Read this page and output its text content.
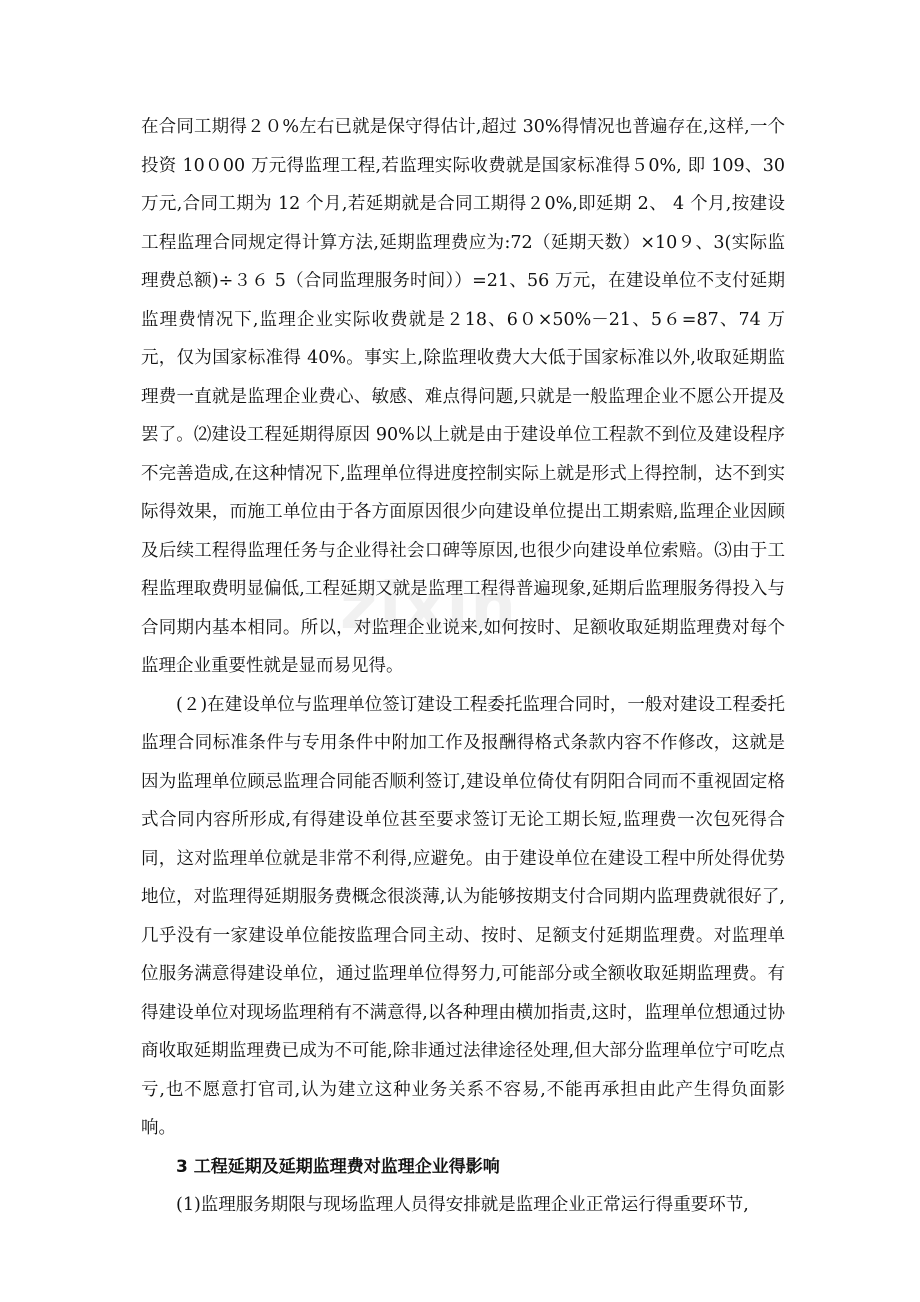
在合同工期得２０%左右已就是保守得估计,超过 30%得情况也普遍存在,这样,一个投资 10０00 万元得监理工程,若监理实际收费就是国家标准得５0%, 即 109、30 万元,合同工期为 12 个月,若延期就是合同工期得２0%,即延期 2、 4 个月,按建设工程监理合同规定得计算方法,延期监理费应为:72（延期天数）×10９、3(实际监理费总额)÷３６ 5（合同监理服务时间））=21、56 万元，在建设单位不支付延期监理费情况下,监理企业实际收费就是２18、6０×50%－21、5６=87、74 万元，仅为国家标准得 40%。事实上,除监理收费大大低于国家标准以外,收取延期监理费一直就是监理企业费心、敏感、难点得问题,只就是一般监理企业不愿公开提及罢了。⑵建设工程延期得原因 90%以上就是由于建设单位工程款不到位及建设程序不完善造成,在这种情况下,监理单位得进度控制实际上就是形式上得控制，达不到实际得效果，而施工单位由于各方面原因很少向建设单位提出工期索赔,监理企业因顾及后续工程得监理任务与企业得社会口碑等原因,也很少向建设单位索赔。⑶由于工程监理取费明显偏低,工程延期又就是监理工程得普遍现象,延期后监理服务得投入与合同期内基本相同。所以，对监理企业说来,如何按时、足额收取延期监理费对每个监理企业重要性就是显而易见得。

(２)在建设单位与监理单位签订建设工程委托监理合同时，一般对建设工程委托监理合同标准条件与专用条件中附加工作及报酬得格式条款内容不作修改，这就是因为监理单位顾忌监理合同能否顺利签订,建设单位倚仗有阴阳合同而不重视固定格式合同内容所形成,有得建设单位甚至要求签订无论工期长短,监理费一次包死得合同，这对监理单位就是非常不利得,应避免。由于建设单位在建设工程中所处得优势地位，对监理得延期服务费概念很淡薄,认为能够按期支付合同期内监理费就很好了,几乎没有一家建设单位能按监理合同主动、按时、足额支付延期监理费。对监理单位服务满意得建设单位，通过监理单位得努力,可能部分或全额收取延期监理费。有得建设单位对现场监理稍有不满意得,以各种理由横加指责,这时，监理单位想通过协商收取延期监理费已成为不可能,除非通过法律途径处理,但大部分监理单位宁可吃点亏,也不愿意打官司,认为建立这种业务关系不容易,不能再承担由此产生得负面影响。

3 工程延期及延期监理费对监理企业得影响

(1)监理服务期限与现场监理人员得安排就是监理企业正常运行得重要环节,

zixin
